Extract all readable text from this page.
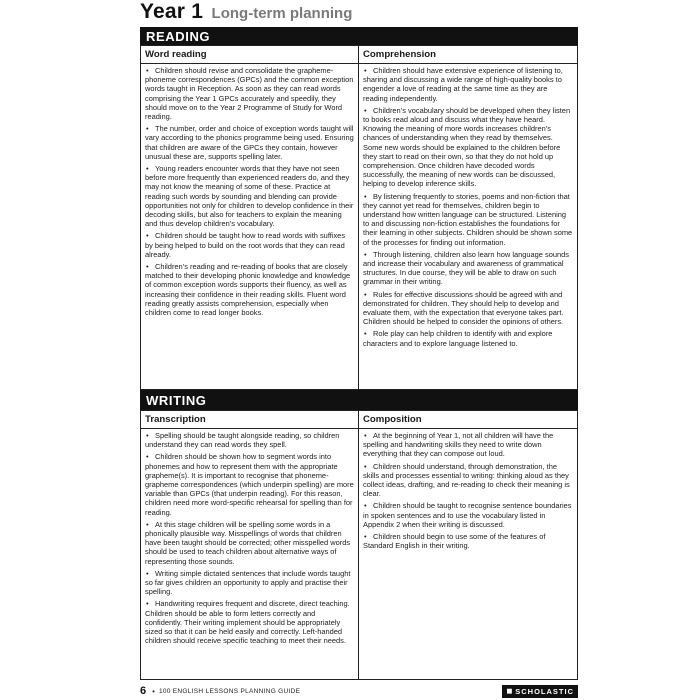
Year 1 Long-term planning
READING
Word reading
• Children should revise and consolidate the grapheme-phoneme correspondences (GPCs) and the common exception words taught in Reception. As soon as they can read words comprising the Year 1 GPCs accurately and speedily, they should move on to the Year 2 Programme of Study for Word reading.
• The number, order and choice of exception words taught will vary according to the phonics programme being used. Ensuring that children are aware of the GPCs they contain, however unusual these are, supports spelling later.
• Young readers encounter words that they have not seen before more frequently than experienced readers do, and they may not know the meaning of some of these. Practice at reading such words by sounding and blending can provide opportunities not only for children to develop confidence in their decoding skills, but also for teachers to explain the meaning and thus develop children’s vocabulary.
• Children should be taught how to read words with suffixes by being helped to build on the root words that they can read already.
• Children’s reading and re-reading of books that are closely matched to their developing phonic knowledge and knowledge of common exception words supports their fluency, as well as increasing their confidence in their reading skills. Fluent word reading greatly assists comprehension, especially when children come to read longer books.
Comprehension
• Children should have extensive experience of listening to, sharing and discussing a wide range of high-quality books to engender a love of reading at the same time as they are reading independently.
• Children’s vocabulary should be developed when they listen to books read aloud and discuss what they have heard. Knowing the meaning of more words increases children’s chances of understanding when they read by themselves. Some new words should be explained to the children before they start to read on their own, so that they do not hold up comprehension. Once children have decoded words successfully, the meaning of new words can be discussed, helping to develop inference skills.
• By listening frequently to stories, poems and non-fiction that they cannot yet read for themselves, children begin to understand how written language can be structured. Listening to and discussing non-fiction establishes the foundations for their learning in other subjects. Children should be shown some of the processes for finding out information.
• Through listening, children also learn how language sounds and increase their vocabulary and awareness of grammatical structures. In due course, they will be able to draw on such grammar in their writing.
• Rules for effective discussions should be agreed with and demonstrated for children. They should help to develop and evaluate them, with the expectation that everyone takes part. Children should be helped to consider the opinions of others.
• Role play can help children to identify with and explore characters and to explore language listened to.
WRITING
Transcription
• Spelling should be taught alongside reading, so children understand they can read words they spell.
• Children should be shown how to segment words into phonemes and how to represent them with the appropriate grapheme(s). It is important to recognise that phoneme-grapheme correspondences (which underpin spelling) are more variable than GPCs (that underpin reading). For this reason, children need more word-specific rehearsal for spelling than for reading.
• At this stage children will be spelling some words in a phonically plausible way. Misspellings of words that children have been taught should be corrected; other misspelled words should be used to teach children about alternative ways of representing those sounds.
• Writing simple dictated sentences that include words taught so far gives children an opportunity to apply and practise their spelling.
• Handwriting requires frequent and discrete, direct teaching. Children should be able to form letters correctly and confidently. Their writing implement should be appropriately sized so that it can be held easily and correctly. Left-handed children should receive specific teaching to meet their needs.
Composition
• At the beginning of Year 1, not all children will have the spelling and handwriting skills they need to write down everything that they can compose out loud.
• Children should understand, through demonstration, the skills and processes essential to writing: thinking aloud as they collect ideas, drafting, and re-reading to check their meaning is clear.
• Children should be taught to recognise sentence boundaries in spoken sentences and to use the vocabulary listed in Appendix 2 when their writing is discussed.
• Children should begin to use some of the features of Standard English in their writing.
6 • 100 ENGLISH LESSONS PLANNING GUIDE	◼ SCHOLASTIC
